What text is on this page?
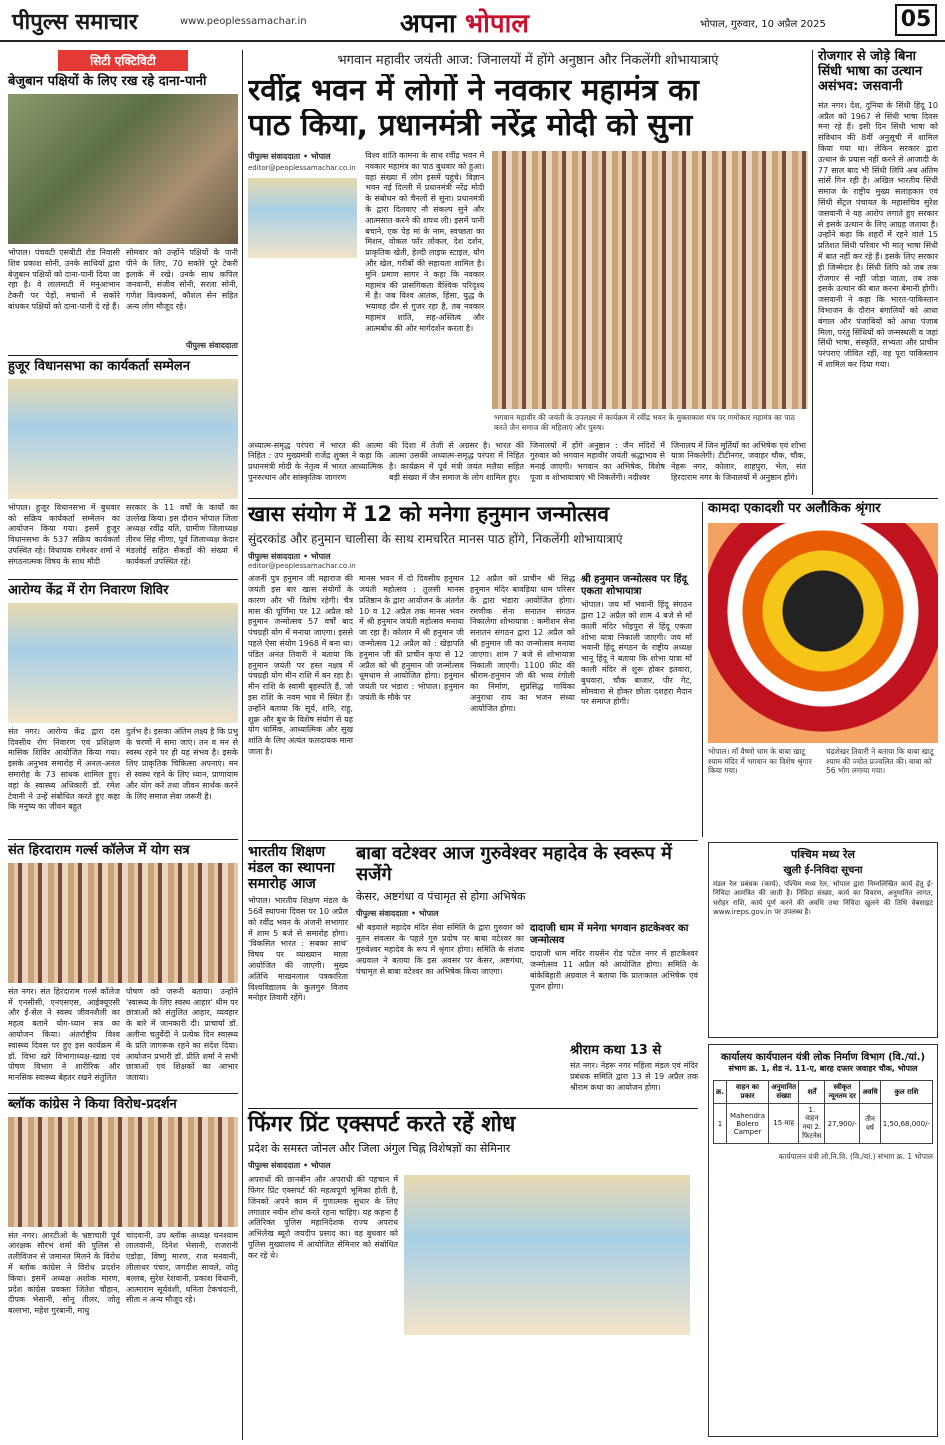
पीपुल्स समाचार	www.peoplessamachar.in	अपना भोपाल	भोपाल, गुरुवार, 10 अप्रैल 2025	05
सिटी एक्टिविटी
बेजुबान पक्षियों के लिए रख रहे दाना-पानी
भोपाल। पंचवटी एसबीटी रोड निवासी शिव प्रकाश सोनी, उनके साथियों द्वारा बेजुबान पक्षियों को दाना-पानी दिया जा रहा है। वे लालमाटी में मनुआभान टेकरी पर पेड़ों, मचानों में सकोरे बांधकर पक्षियों को दाना-पानी दे रहे हैं।
सोमवार को उन्होंने पक्षियों के पानी पीने के लिए, 70 सकोरे पूरे टेकरी इलाके में रखे। उनके साथ कपिल जनवानी, संजीव सोनी, सरला सोनी, गणेश विश्वकर्मा, कौशल सेन सहित अन्य लोग मौजूद रहे।
पीपुल्स संवाददाता
हुजूर विधानसभा का कार्यकर्ता सम्मेलन
भोपाल। हुजूर विधानसभा में बुधवार को सक्रिय कार्यकर्ता सम्मेलन का आयोजन किया गया। इसमें हुजूर विधानसभा के 537 सक्रिय कार्यकर्ता उपस्थित रहे। विधायक रामेश्वर शर्मा ने संगठनात्मक विषय के साथ मौदी
सरकार के 11 वर्षों के कार्यों का उल्लेख किया। इस दौरान भोपाल जिला अध्यक्ष रवींद्र यति, ग्रामीण जिलाध्यक्ष तीरथ सिंह मीणा, पूर्व जिलाध्यक्ष केदार मंडलोई सहित सैकड़ों की संख्या में कार्यकर्ता उपस्थित रहे।
आरोग्य केंद्र में रोग निवारण शिविर
संत नगर। आरोग्य केंद्र द्वारा दस दिवसीय रोग निवारण एवं प्रशिक्षण मासिक शिविर आयोजित किया गया। इसके अनुभव समारोह में अनल-अनल समारोह के 73 साधक शामिल हुए। वहां के स्वास्थ्य अधिकारी डॉ. रमेश टेवानी ने उन्हें संबोधित करते हुए कहा कि मनुष्य का जीवन बहुत
दुर्लभ है। इसका अंतिम लक्ष्य है कि प्रभु के चरणों में समा जाएं। तन व मन से स्वस्थ रहने पर ही यह संभव है। इसके लिए प्राकृतिक चिकित्सा अपनाएं। मन से स्वस्थ रहने के लिए ध्यान, प्राणायाम और योग करें तथा जीवन सार्थक करने के लिए समाज सेवा जरूरी है।
संत हिरदाराम गर्ल्स कॉलेज में योग सत्र
संत नगर। संत हिरदाराम गर्ल्स कॉलेज में एनसीसी, एनएसएस, आईक्यूएसी और ईं-सेल ने स्वस्थ जीवनशैली का महत्व बताने योग-ध्यान सत्र का आयोजन किया। अंतर्राष्ट्रीय विश्व स्वास्थ्य दिवस पर हुए इस कार्यक्रम में डॉ. विभा खरे विभागाध्यक्ष-खाद्य एवं पोषण विभाग ने शारीरिक और मानसिक स्वास्थ्य बेहतर रखने संतुलित
पोषण को जरूरी बताया। उन्होंने 'स्वास्थ्य के लिए स्वस्थ आहार' थीम पर छात्राओं को संतुलित आहार, व्यवहार के बारे में जानकारी दी। प्राचार्या डॉ. अलीना चतुर्वेदी ने प्रत्येक दिन स्वास्थ्य के प्रति जागरूक रहने का संदेश दिया। आयोजन प्रभारी डॉ. प्रीति शर्मा ने सभी छात्राओं एवं शिक्षकों का आभार जताया।
ब्लॉक कांग्रेस ने किया विरोध-प्रदर्शन
संत नगर। आरटीओ के भ्रष्टाचारी पूर्व आरक्षक सौरभ शर्मा की पुलिस से तलीविजन से जमानत मिलने के विरोध में ब्लॉक कांग्रेस ने विरोध प्रदर्शन किया। इसमें अध्यक्ष अशोक मारण, प्रदेश कांग्रेस प्रवक्ता जितेश चौहान, दीपक भेसानी, सोनू तीलर, जोतू बल्लभा, महेश गुरबानी, माधु
चांदवानी, उप ब्लॉक अध्यक्ष घनश्याम लालवानी, दिनेश भेसानी, राजरानी एडोड़ा, विष्णु मारण, राज मनवानी, लीलाधर पंचार, जगदीश सावले, जोतू बल्लब, सुरेश रेशवानी, प्रकाश विधानी, आत्माराम सूर्यवंशी, धनिता टेकचंदानी, सीता न अन्य मौजूद रहे।
भगवान महावीर जयंती आज: जिनालयों में होंगे अनुष्ठान और निकलेंगी शोभायात्राएं
रवींद्र भवन में लोगों ने नवकार महामंत्र का
पाठ किया, प्रधानमंत्री नरेंद्र मोदी को सुना
पीपुल्स संवाददाता • भोपाल
editor@peoplessamachar.co.in
विश्व शांति कामना के साथ रवींद्र भवन में नवकार महामंत्र का पाठ बुधवार को हुआ। यहां संख्या में लोग इसमें पहुंचे। विज्ञान भवन नई दिल्ली में प्रधानमंत्री नरेंद्र मोदी के संबोधन को चैनलों से सुना। प्रधानमंत्री के द्वारा दिलवाए नौ संकल्प सुने और आत्मसात करने की शपथ ली। इसमें पानी बचाने, एक पेड़ मां के नाम, स्वच्छता का मिशन, वोकल फॉर लोकल, देश दर्शन, प्राकृतिक खेती, हेल्दी लाइफ स्टाइल, योग और खेल, गरीबों की सहायता शामिल है। मुनि प्रमाण सागर ने कहा कि नवकार महामंत्र की प्रासंगिकता वैश्विक परिदृश्य में है। जब विश्व आतंक, हिंसा, युद्ध के भयावह दौर से गुजर रहा है, तब नवकार महामंत्र शांति, सह-अस्तित्व और आत्मबोध की ओर मार्गदर्शन करता है।
भगवान महावीर की जयंती के उपलक्ष्य में कार्यक्रम में रवींद्र भवन के मुक्ताकाश मंच पर णमोकार महामंत्र का पाठ करते जैन समाज की महिलाएं और पुरुष।
अध्यात्म-समृद्ध परंपरा में भारत की आत्मा निहित : उप मुख्यमंत्री राजेंद्र शुक्ल ने कहा कि प्रधानमंत्री मोदी के नेतृत्व में भारत आध्यात्मिक पुनरुत्थान और सांस्कृतिक जागरण
की दिशा में तेजी से अग्रसर है। भारत की आत्मा उसकी अध्यात्म-समृद्ध परंपरा में निहित है। कार्यक्रम में पूर्व मंत्री जयंत मलैया सहित बड़ी संख्या में जैन समाज के लोग शामिल हुए।
जिनालयों में होंगे अनुष्ठान : जैन मंदिरों में गुरुवार को भगवान महावीर जयंती श्रद्धाभाव से मनाई जाएगी। भगवान का अभिषेक, विशेष पूजा व शोभायात्राएं भी निकलेंगी। नदीश्वर
जिनालय में जिन मूर्तियों का अभिषेक एवं शोभा यात्रा निकलेगी। टीटीनगर, जवाहर चौक, चौक, नेहरू नगर, कोलार, शाहपुरा, भेल, संत हिरदाराम नगर के जिनालयों में अनुष्ठान होंगे।
रोजगार से जोड़े बिना सिंधी भाषा का उत्थान असंभव: जसवानी
संत नगर। देश, दुनिया के सिंधी हिंदू 10 अप्रैल को 1967 से सिंधी भाषा दिवस मना रहे हैं। इसी दिन सिंधी भाषा को संविधान की 8वीं अनुसूची में शामिल किया गया था। लेकिन सरकार द्वारा उत्थान के प्रयास नहीं करने से आजादी के 77 साल बाद भी सिंधी लिपि अब अंतिम सांसें गिन रही है। अखिल भारतीय सिंधी समाज के राष्ट्रीय मुख्य सलाहकार एवं सिंधी सेंट्रल पंचायत के महासचिव सुरेश जसवानी ने यह आरोप लगाते हुए सरकार से इसके उत्थान के लिए आग्रह जताया है। उन्होंने कहा कि शहरों में रहने वाले 15 प्रतिशत सिंधी परिवार भी मातृ भाषा सिंधी में बात नहीं कर रहे हैं। इसके लिए सरकार ही जिम्मेदार है। सिंधी लिपि को जब तक रोजगार से नहीं जोड़ा जाता, तब तक इसके उत्थान की बात करना बेमानी होगी। जसवानी ने कहा कि भारत-पाकिस्तान विभाजन के दौरान बंगालियों को आधा बंगाल और पंजाबियों को आधा पंजाब मिला, परंतु सिंधियों को जन्मस्थली व जहां सिंधी भाषा, संस्कृति, सभ्यता और प्राचीन परंपराएं जीवित रहीं, वह पूरा पाकिस्तान में शामिल कर दिया गया।
खास संयोग में 12 को मनेगा हनुमान जन्मोत्सव
सुंदरकांड और हनुमान चालीसा के साथ रामचरित मानस पाठ होंगे, निकलेंगी शोभायात्राएं
पीपुल्स संवाददाता • भोपाल
editor@peoplessamachar.co.in
अंजनी पुत्र हनुमान जी महाराज की जयंती इस बार खास संयोगों के कारण और भी विशेष रहेगी। चैत्र मास की पूर्णिमा पर 12 अप्रैल को हनुमान जन्मोत्सव 57 वर्षों बाद पंचग्रही योग में मनाया जाएगा। इससे पहले ऐसा संयोग 1968 में बना था। पंडित अनंत तिवारी ने बताया कि हनुमान जयंती पर हस्त नक्षत्र में पंचग्रही योग मीन राशि में बन रहा है। मीन राशि के स्वामी बृहस्पति हैं, जो इस राशि के नवम भाव में स्थित हैं। उन्होंने बताया कि सूर्य, शनि, राहु, शुक्र और बुध के विशेष संयोग से यह योग धार्मिक, आध्यात्मिक और सुख शांति के लिए अत्यंत फलदायक माना जाता है।
मानस भवन में दो दिवसीय हनुमान जयंती महोत्सव : तुलसी मानस प्रतिष्ठान के द्वारा आयोजन के अंतर्गत 10 व 12 अप्रैल तक मानस भवन में श्री हनुमान जयंती महोत्सव मनाया जा रहा है। कोलार में श्री हनुमान जी जन्मोत्सव 12 अप्रैल को : खेड़ापति हनुमान जी की प्राचीन कृपा से 12 अप्रैल को श्री हनुमान जी जन्मोत्सव धूमधाम से आयोजित होगा। हनुमान जयंती पर भंडारा : भोपाल। हनुमान जयंती के मौके पर
12 अप्रैल को प्राचीन श्री सिद्ध हनुमान मंदिर बावड़िया धाम परिसर के द्वारा भंडारा आयोजित होगा। रमणीक सेना सनातन संगठन निकालेगा शोभायात्रा : कमीशन सेना सनातन संगठन द्वारा 12 अप्रैल को श्री हनुमान जी का जन्मोत्सव मनाया जाएगा। शाम 7 बजे से शोभायात्रा निकाली जाएगी। 1100 फ़ीट की श्रीराम-हनुमान जी की भव्य रंगोली का निर्माण, सुप्रसिद्ध गायिका अनुराधा राय का भजन संध्या आयोजित होगा।
श्री हनुमान जन्मोत्सव पर हिंदू एकता शोभायात्रा
भोपाल। जय माँ भवानी हिंदू संगठन द्वारा 12 अप्रैल को शाम 4 बजे से माँ काली मंदिर भोइपुरा से हिंदू एकता शोभा यात्रा निकाली जाएगी। जय माँ भवानी हिंदू संगठन के राष्ट्रीय अध्यक्ष भानू हिंदू ने बताया कि शोभा यात्रा माँ काली मंदिर से शुरू होकर इतवारा, बुधवारा, चौक बाजार, पीर गेट, सोमवारा से होकर छोला दशहरा मैदान पर समाप्त होगी।
कामदा एकादशी पर अलौकिक श्रृंगार
भोपाल। माँ वैष्णो धाम के बाबा खाटू श्याम मंदिर में भगवान का विशेष श्रृंगार किया गया।
चंद्रशेखर तिवारी ने बताया कि बाबा खाटू श्याम की ज्योत प्रज्वलित की। बाबा को 56 भोग लगाया गया।
भारतीय शिक्षण मंडल का स्थापना समारोह आज
भोपाल। भारतीय शिक्षण मंडल के 56वें स्थापना दिवस पर 10 अप्रैल को रवींद्र भवन के अंजनी सभागार में शाम 5 बजे से समारोह होगा। 'विकसित भारत : सबका साथ' विषय पर व्याख्यान माला आयोजित की जाएगी। मुख्य अतिथि माखनलाल पत्रकारिता विश्वविद्यालय के कुलगुरु विजय मनोहर तिवारी रहेंगे।
बाबा वटेश्वर आज गुरुवेश्वर महादेव के स्वरूप में सजेंगे
केसर, अष्टगंधा व पंचामृत से होगा अभिषेक
पीपुल्स संवाददाता • भोपाल
श्री बड़वाले महादेव मंदिर सेवा समिति के द्वारा गुरुवार को नूतन संवत्सर के पहले गुरु प्रदोष पर बाबा वटेश्वर का गुरुवेश्वर महादेव के रूप में श्रृंगार होगा। समिति के संजय अग्रवाल ने बताया कि इस अवसर पर केसर, अष्टगंधा, पंचामृत से बाबा वटेश्वर का अभिषेक किया जाएगा।
दादाजी धाम में मनेगा भगवान हाटकेश्वर का जन्मोत्सव
दादाजी धाम मंदिर रायसेन रोड पटेल नगर में हाटकेश्वर जन्मोत्सव 11 अप्रैल को आयोजित होगा। समिति के बांकेबिहारी अग्रवाल ने बताया कि प्रातःकाल अभिषेक एवं पूजन होगा।
पश्चिम मध्य रेल
खुली ई-निविदा सूचना
मंडल रेल प्रबंधक (कार्य), पश्चिम मध्य रेल, भोपाल द्वारा निम्नलिखित कार्य हेतु ई-निविदा आमंत्रित की जाती है। निविदा संख्या, कार्य का विवरण, अनुमानित लागत, धरोहर राशि, कार्य पूर्ण करने की अवधि तथा निविदा खुलने की तिथि वेबसाइट www.ireps.gov.in पर उपलब्ध है।
श्रीराम कथा 13 से
संत नगर। नेहरू नगर महिला मंडल एवं मंदिर प्रबंधक समिति द्वारा 13 से 19 अप्रैल तक श्रीराम कथा का आयोजन होगा।
फिंगर प्रिंट एक्सपर्ट करते रहें शोध
प्रदेश के समस्त जोनल और जिला अंगुल चिह्न विशेषज्ञों का सेमिनार
पीपुल्स संवाददाता • भोपाल
अपराधों की छानबीन और अपराधी की पहचान में फिंगर प्रिंट एक्सपर्ट की महत्वपूर्ण भूमिका होती है, जिनको अपने काम में गुणात्मक सुधार के लिए लगातार नवीन शोध करते रहना चाहिए। यह कहना है अतिरिक्त पुलिस महानिदेशक राज्य अपराध अभिलेख ब्यूरो जयदीप प्रसाद का। वह बुधवार को पुलिस मुख्यालय में आयोजित सेमिनार को संबोधित कर रहे थे।
कार्यालय कार्यपालन यंत्री लोक निर्माण विभाग (वि./यां.)
संभाग क्र. 1, शेड नं. 11-ए, बारह दफ्तर जवाहर चौक, भोपाल
क्र.	वाहन का प्रकार	अनुमानित संख्या	शर्तें	स्वीकृत न्यूनतम दर	अवधि	कुल राशि
1	Mahendra Bolero Camper	15 माह	1. वाहन नया 2. फिटनेस	27,900/-	तीन वर्ष	1,50,68,000/-
कार्यपालन यंत्री लो.नि.वि. (वि./यां.) संभाग क्र. 1 भोपाल
